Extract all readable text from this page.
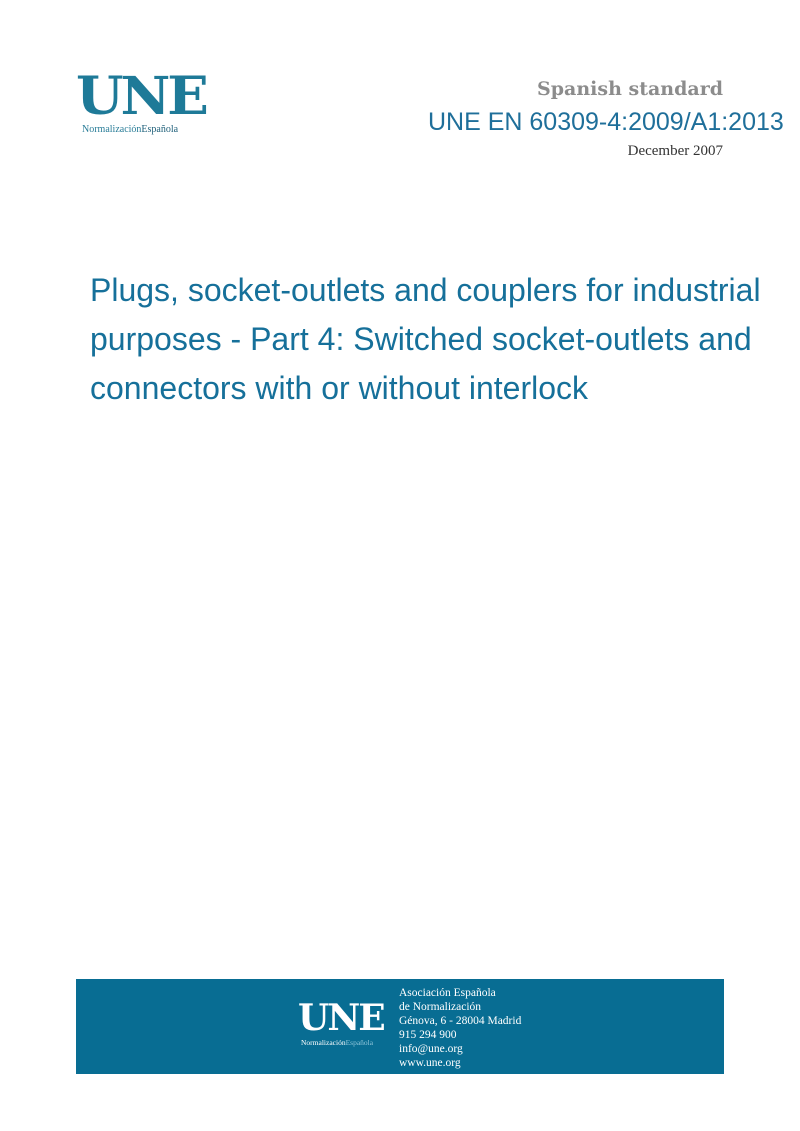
UNE
NormalizaciónEspañola
Spanish standard
UNE EN 60309-4:2009/A1:2013
December 2007
Plugs, socket-outlets and couplers for industrial purposes - Part 4: Switched socket-outlets and connectors with or without interlock
UNE
NormalizaciónEspañola
Asociación Española
de Normalización
Génova, 6 - 28004 Madrid
915 294 900
info@une.org
www.une.org
